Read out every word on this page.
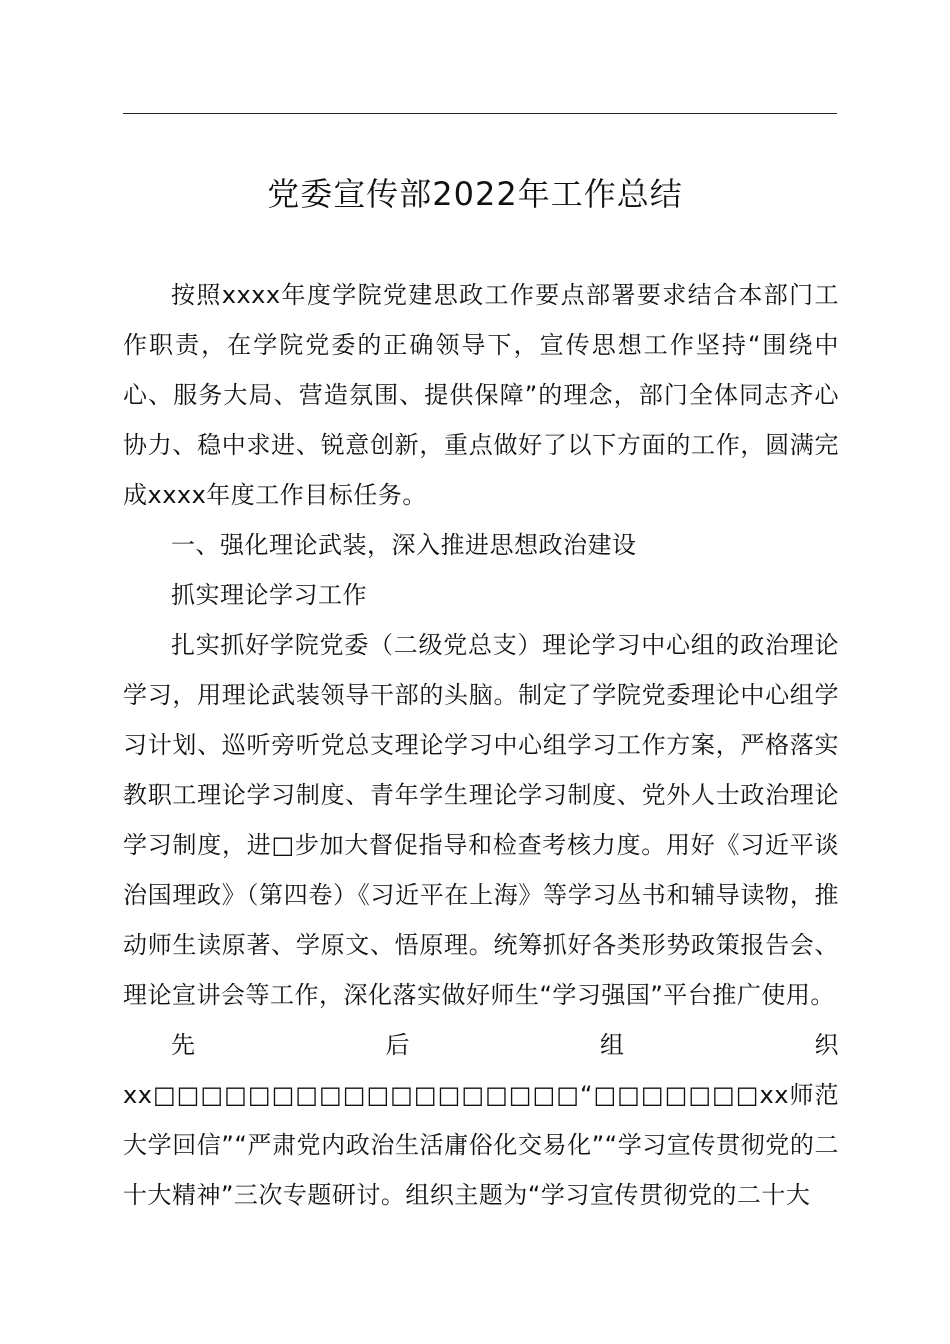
党委宣传部2022年工作总结

按照xxxx年度学院党建思政工作要点部署要求结合本部门工作职责，在学院党委的正确领导下，宣传思想工作坚持“围绕中心、服务大局、营造氛围、提供保障”的理念，部门全体同志齐心协力、稳中求进、锐意创新，重点做好了以下方面的工作，圆满完成xxxx年度工作目标任务。

一、强化理论武装，深入推进思想政治建设

抓实理论学习工作

扎实抓好学院党委（二级党总支）理论学习中心组的政治理论学习，用理论武装领导干部的头脑。制定了学院党委理论中心组学习计划、巡听旁听党总支理论学习中心组学习工作方案，严格落实教职工理论学习制度、青年学生理论学习制度、党外人士政治理论学习制度，进□步加大督促指导和检查考核力度。用好《习近平谈治国理政》（第四卷）《习近平在上海》等学习丛书和辅导读物，推动师生读原著、学原文、悟原理。统筹抓好各类形势政策报告会、理论宣讲会等工作，深化落实做好师生“学习强国”平台推广使用。

先后组织xx□□□□□□□□□□□□□□□□□□“□□□□□□□xx师范大学回信”“严肃党内政治生活庸俗化交易化”“学习宣传贯彻党的二十大精神”三次专题研讨。组织主题为“学习宣传贯彻党的二十大
